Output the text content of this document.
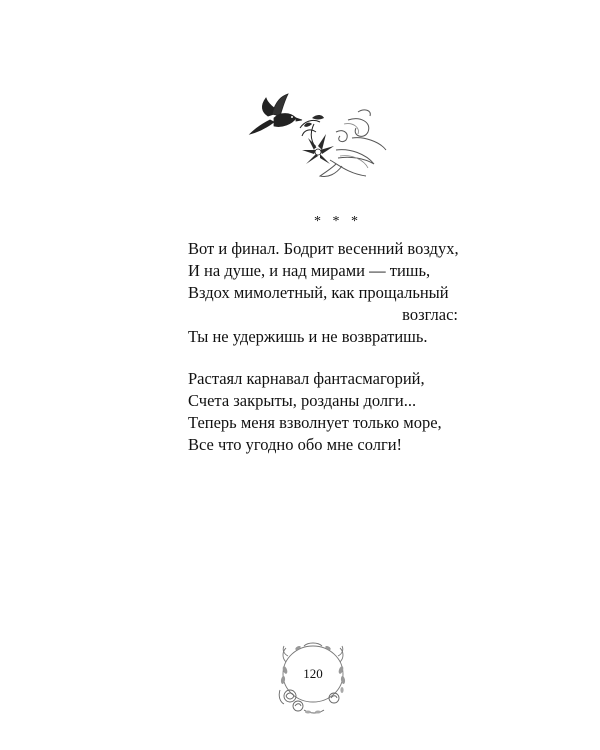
* * *
Вот и финал. Бодрит весенний воздух,
И на душе, и над мирами — тишь,
Вздох мимолетный, как прощальный
возглас:
Ты не удержишь и не возвратишь.
Растаял карнавал фантасмагорий,
Счета закрыты, розданы долги...
Теперь меня взволнует только море,
Все что угодно обо мне солги!
120
